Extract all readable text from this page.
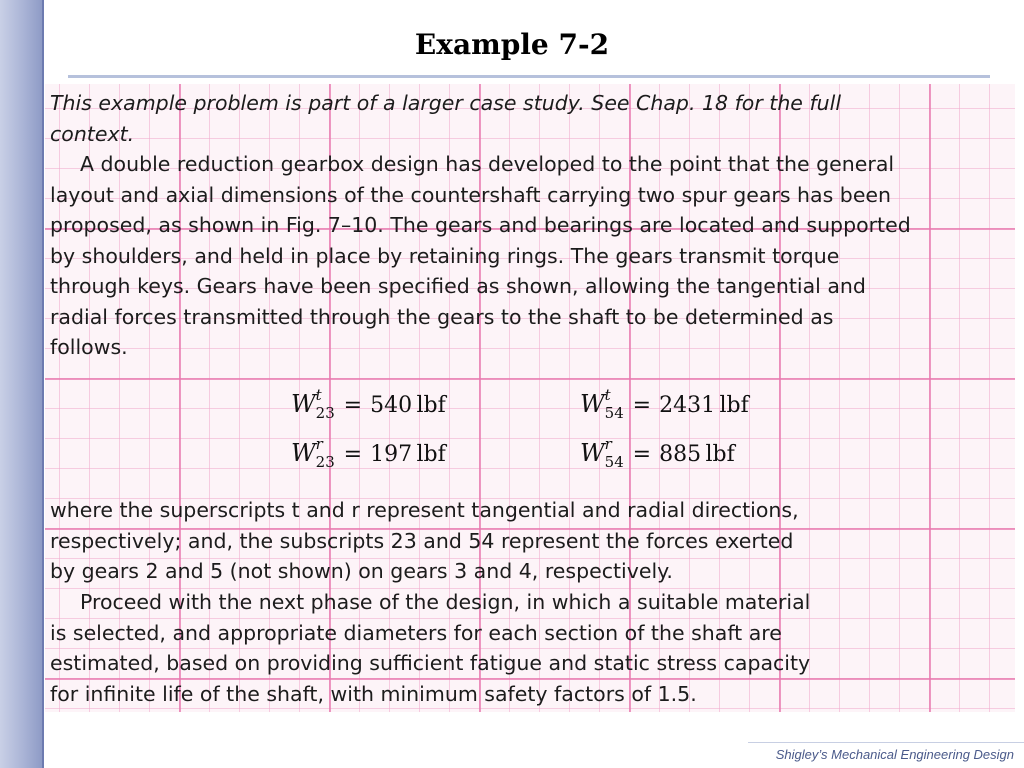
Example 7-2

This example problem is part of a larger case study. See Chap. 18 for the full
context.

A double reduction gearbox design has developed to the point that the general
layout and axial dimensions of the countershaft carrying two spur gears has been
proposed, as shown in Fig. 7–10. The gears and bearings are located and supported
by shoulders, and held in place by retaining rings. The gears transmit torque
through keys. Gears have been specified as shown, allowing the tangential and
radial forces transmitted through the gears to the shaft to be determined as
follows.
W t
23 = 540  lbf	W t
54 = 2431  lbf
W r
23 = 197  lbf	W r
54 = 885  lbf

where the superscripts t and r represent tangential and radial directions,
respectively; and, the subscripts 23 and 54 represent the forces exerted
by gears 2 and 5 (not shown) on gears 3 and 4, respectively.

Proceed with the next phase of the design, in which a suitable material
is selected, and appropriate diameters for each section of the shaft are
estimated, based on providing sufficient fatigue and static stress capacity
for infinite life of the shaft, with minimum safety factors of 1.5.
Shigley’s Mechanical Engineering Design
